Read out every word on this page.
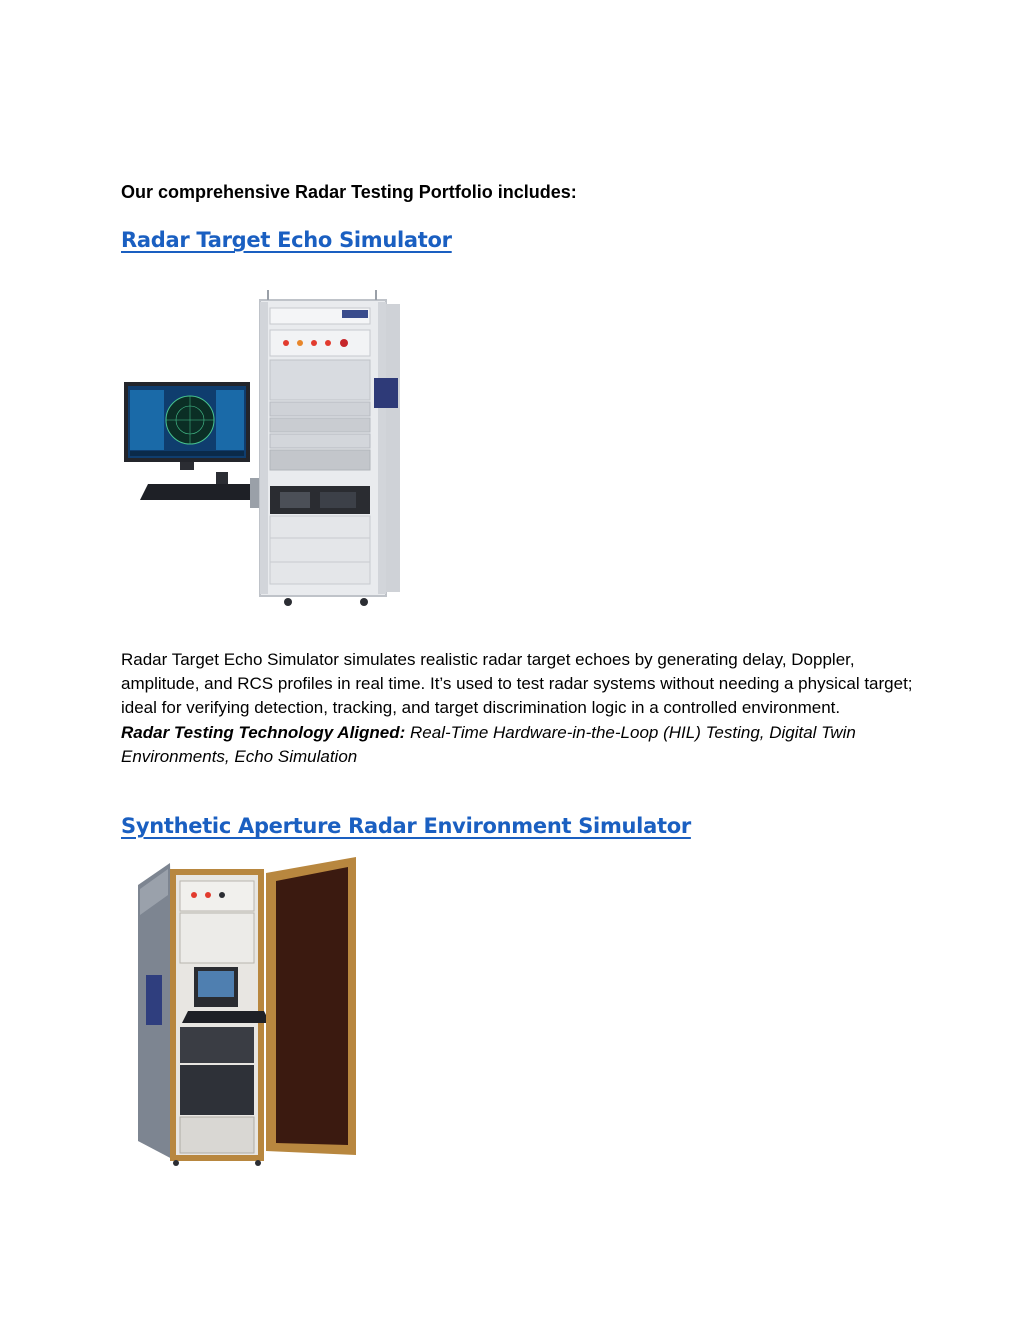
Our comprehensive Radar Testing Portfolio includes:

Radar Target Echo Simulator

Radar Target Echo Simulator simulates realistic radar target echoes by generating delay, Doppler, amplitude, and RCS profiles in real time. It’s used to test radar systems without needing a physical target; ideal for verifying detection, tracking, and target discrimination logic in a controlled environment.
Radar Testing Technology Aligned: Real-Time Hardware-in-the-Loop (HIL) Testing, Digital Twin Environments, Echo Simulation

Synthetic Aperture Radar Environment Simulator
